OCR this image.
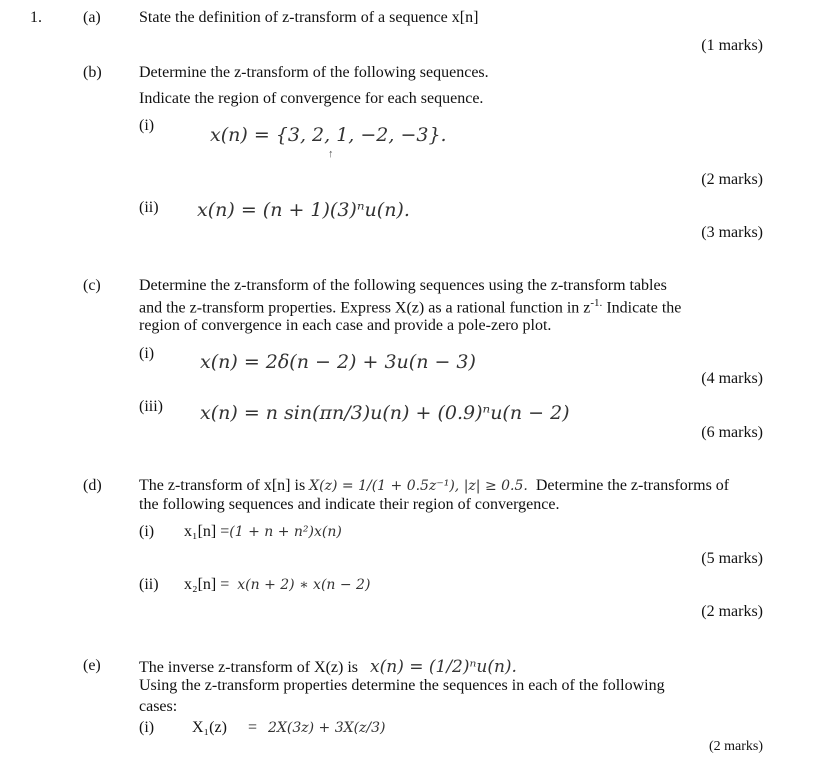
1.	(a) State the definition of z-transform of a sequence x[n]
(1 marks)
(b) Determine the z-transform of the following sequences.
Indicate the region of convergence for each sequence.
(i)	x(n) = {3, 2, 1, −2, −3}.
↑
(2 marks)
(ii) x(n) = (n + 1)(3)ⁿu(n).
(3 marks)
(c) Determine the z-transform of the following sequences using the z-transform tables
and the z-transform properties. Express X(z) as a rational function in $z^{-1.}$ Indicate the
region of convergence in each case and provide a pole-zero plot.
(i) x(n) = 2δ(n − 2) + 3u(n − 3)
(4 marks)
(iii) x(n) = n sin(πn/3)u(n) + (0.9)ⁿu(n − 2)
(6 marks)
(d) The z-transform of x[n] is X(z) = 1/(1 + 0.5z⁻¹), |z| ≥ 0.5. Determine the z-transforms of
the following sequences and indicate their region of convergence.
(i) x₁[n] =(1 + n + n²)x(n)
(5 marks)
(ii) x₂[n] = x(n + 2) ∗ x(n − 2)
(2 marks)
(e) The inverse z-transform of X(z) is x(n) = (1/2)ⁿu(n).
Using the z-transform properties determine the sequences in each of the following
cases:
(i) X₁(z) = 2X(3z) + 3X(z/3)
(2 marks)
